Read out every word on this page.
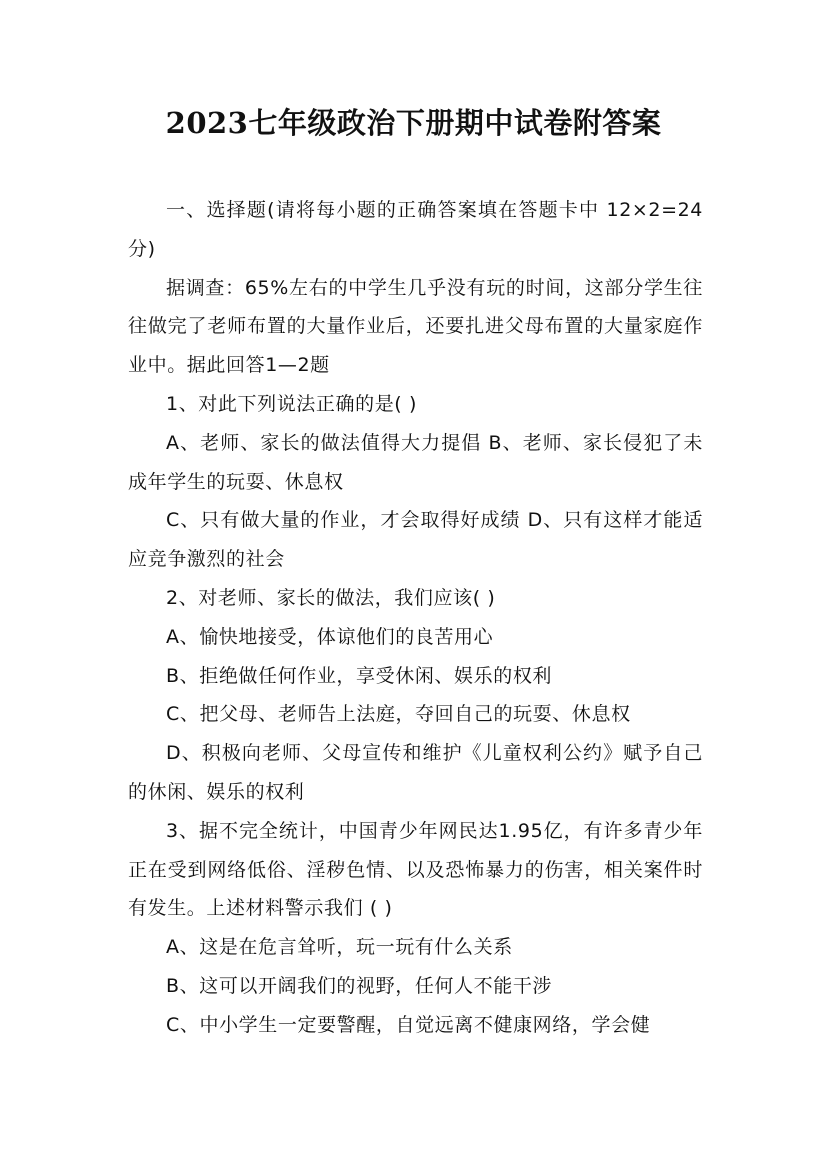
2023七年级政治下册期中试卷附答案

一、选择题(请将每小题的正确答案填在答题卡中 12×2=24分)

据调查：65%左右的中学生几乎没有玩的时间，这部分学生往往做完了老师布置的大量作业后，还要扎进父母布置的大量家庭作业中。据此回答1—2题

1、对此下列说法正确的是( )

A、老师、家长的做法值得大力提倡 B、老师、家长侵犯了未成年学生的玩耍、休息权

C、只有做大量的作业，才会取得好成绩 D、只有这样才能适应竞争激烈的社会

2、对老师、家长的做法，我们应该( )

A、愉快地接受，体谅他们的良苦用心

B、拒绝做任何作业，享受休闲、娱乐的权利

C、把父母、老师告上法庭，夺回自己的玩耍、休息权

D、积极向老师、父母宣传和维护《儿童权利公约》赋予自己的休闲、娱乐的权利

3、据不完全统计，中国青少年网民达1.95亿，有许多青少年正在受到网络低俗、淫秽色情、以及恐怖暴力的伤害，相关案件时有发生。上述材料警示我们 ( )

A、这是在危言耸听，玩一玩有什么关系

B、这可以开阔我们的视野，任何人不能干涉

C、中小学生一定要警醒，自觉远离不健康网络，学会健
